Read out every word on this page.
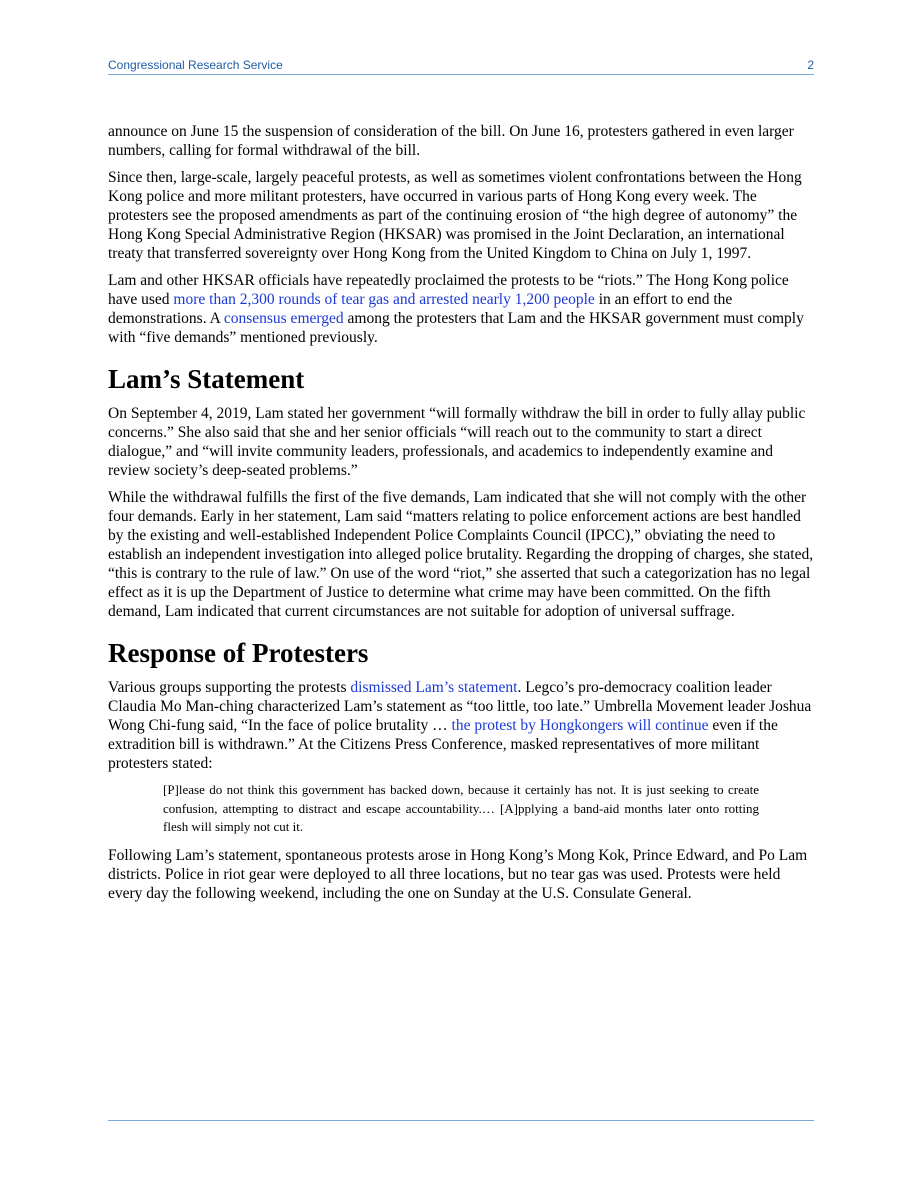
Congressional Research Service	2

announce on June 15 the suspension of consideration of the bill. On June 16, protesters gathered in even larger numbers, calling for formal withdrawal of the bill.

Since then, large-scale, largely peaceful protests, as well as sometimes violent confrontations between the Hong Kong police and more militant protesters, have occurred in various parts of Hong Kong every week. The protesters see the proposed amendments as part of the continuing erosion of “the high degree of autonomy” the Hong Kong Special Administrative Region (HKSAR) was promised in the Joint Declaration, an international treaty that transferred sovereignty over Hong Kong from the United Kingdom to China on July 1, 1997.

Lam and other HKSAR officials have repeatedly proclaimed the protests to be “riots.” The Hong Kong police have used more than 2,300 rounds of tear gas and arrested nearly 1,200 people in an effort to end the demonstrations. A consensus emerged among the protesters that Lam and the HKSAR government must comply with “five demands” mentioned previously.

Lam’s Statement

On September 4, 2019, Lam stated her government “will formally withdraw the bill in order to fully allay public concerns.” She also said that she and her senior officials “will reach out to the community to start a direct dialogue,” and “will invite community leaders, professionals, and academics to independently examine and review society’s deep-seated problems.”

While the withdrawal fulfills the first of the five demands, Lam indicated that she will not comply with the other four demands. Early in her statement, Lam said “matters relating to police enforcement actions are best handled by the existing and well-established Independent Police Complaints Council (IPCC),” obviating the need to establish an independent investigation into alleged police brutality. Regarding the dropping of charges, she stated, “this is contrary to the rule of law.” On use of the word “riot,” she asserted that such a categorization has no legal effect as it is up the Department of Justice to determine what crime may have been committed. On the fifth demand, Lam indicated that current circumstances are not suitable for adoption of universal suffrage.

Response of Protesters

Various groups supporting the protests dismissed Lam’s statement. Legco’s pro-democracy coalition leader Claudia Mo Man-ching characterized Lam’s statement as “too little, too late.” Umbrella Movement leader Joshua Wong Chi-fung said, “In the face of police brutality … the protest by Hongkongers will continue even if the extradition bill is withdrawn.” At the Citizens Press Conference, masked representatives of more militant protesters stated:

[P]lease do not think this government has backed down, because it certainly has not. It is just seeking to create confusion, attempting to distract and escape accountability.… [A]pplying a band-aid months later onto rotting flesh will simply not cut it.

Following Lam’s statement, spontaneous protests arose in Hong Kong’s Mong Kok, Prince Edward, and Po Lam districts. Police in riot gear were deployed to all three locations, but no tear gas was used. Protests were held every day the following weekend, including the one on Sunday at the U.S. Consulate General.
